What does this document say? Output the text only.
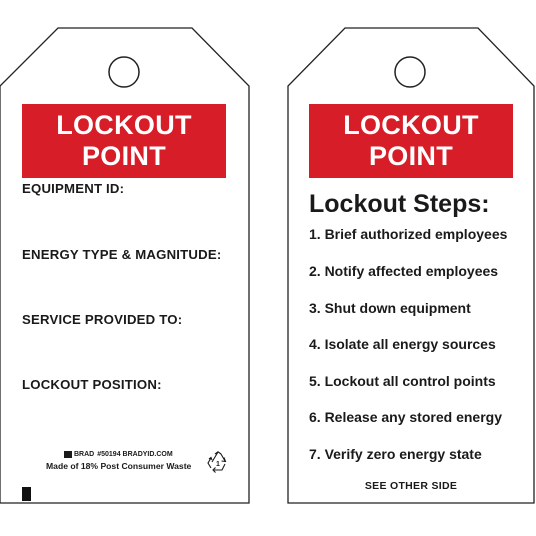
LOCKOUT
POINT
EQUIPMENT ID:
ENERGY TYPE & MAGNITUDE:
SERVICE PROVIDED TO:
LOCKOUT POSITION:
BRAD #50194 BRADYID.COM
Made of 18% Post Consumer Waste	1
LOCKOUT
POINT
Lockout Steps:
1. Brief authorized employees
2. Notify affected employees
3. Shut down equipment
4. Isolate all energy sources
5. Lockout all control points
6. Release any stored energy
7. Verify zero energy state
SEE OTHER SIDE
